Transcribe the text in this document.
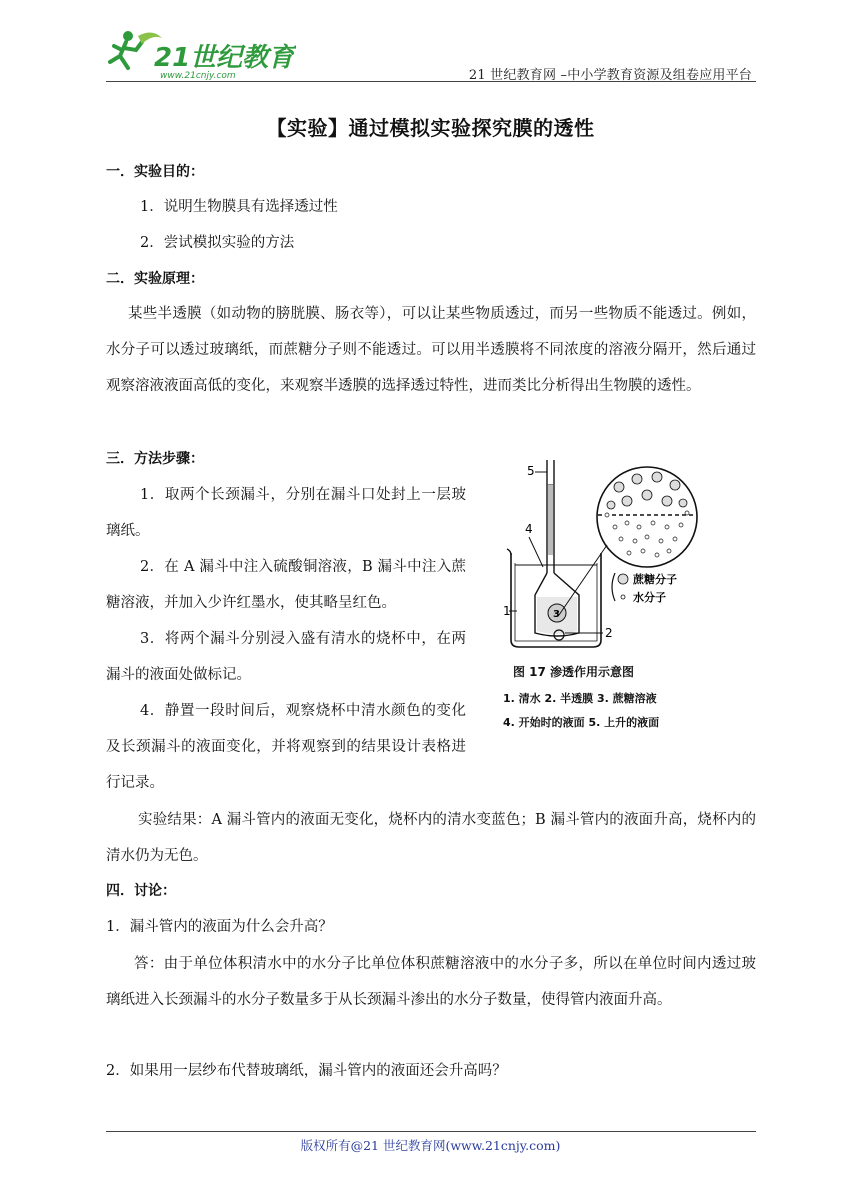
21世纪教育
www.21cnjy.com	21 世纪教育网 –中小学教育资源及组卷应用平台
【实验】通过模拟实验探究膜的透性
一．实验目的：
1．说明生物膜具有选择透过性
2．尝试模拟实验的方法
二．实验原理：
某些半透膜（如动物的膀胱膜、肠衣等），可以让某些物质透过，而另一些物质不能透过。例如，水分子可以透过玻璃纸，而蔗糖分子则不能透过。可以用半透膜将不同浓度的溶液分隔开，然后通过观察溶液液面高低的变化，来观察半透膜的选择透过特性，进而类比分析得出生物膜的透性。
三．方法步骤：
1．取两个长颈漏斗，分别在漏斗口处封上一层玻璃纸。
2．在 A 漏斗中注入硫酸铜溶液，B 漏斗中注入蔗糖溶液，并加入少许红墨水，使其略呈红色。
3．将两个漏斗分别浸入盛有清水的烧杯中，在两漏斗的液面处做标记。
4．静置一段时间后，观察烧杯中清水颜色的变化及长颈漏斗的液面变化，并将观察到的结果设计表格进行记录。
5
3
4
1
2
蔗糖分子
水分子
图 17 渗透作用示意图
1. 清水 2. 半透膜 3. 蔗糖溶液
4. 开始时的液面 5. 上升的液面
实验结果：A 漏斗管内的液面无变化，烧杯内的清水变蓝色；B 漏斗管内的液面升高，烧杯内的清水仍为无色。
四．讨论：
1．漏斗管内的液面为什么会升高？
答：由于单位体积清水中的水分子比单位体积蔗糖溶液中的水分子多，所以在单位时间内透过玻璃纸进入长颈漏斗的水分子数量多于从长颈漏斗渗出的水分子数量，使得管内液面升高。
2．如果用一层纱布代替玻璃纸，漏斗管内的液面还会升高吗？
版权所有@21 世纪教育网(www.21cnjy.com)
